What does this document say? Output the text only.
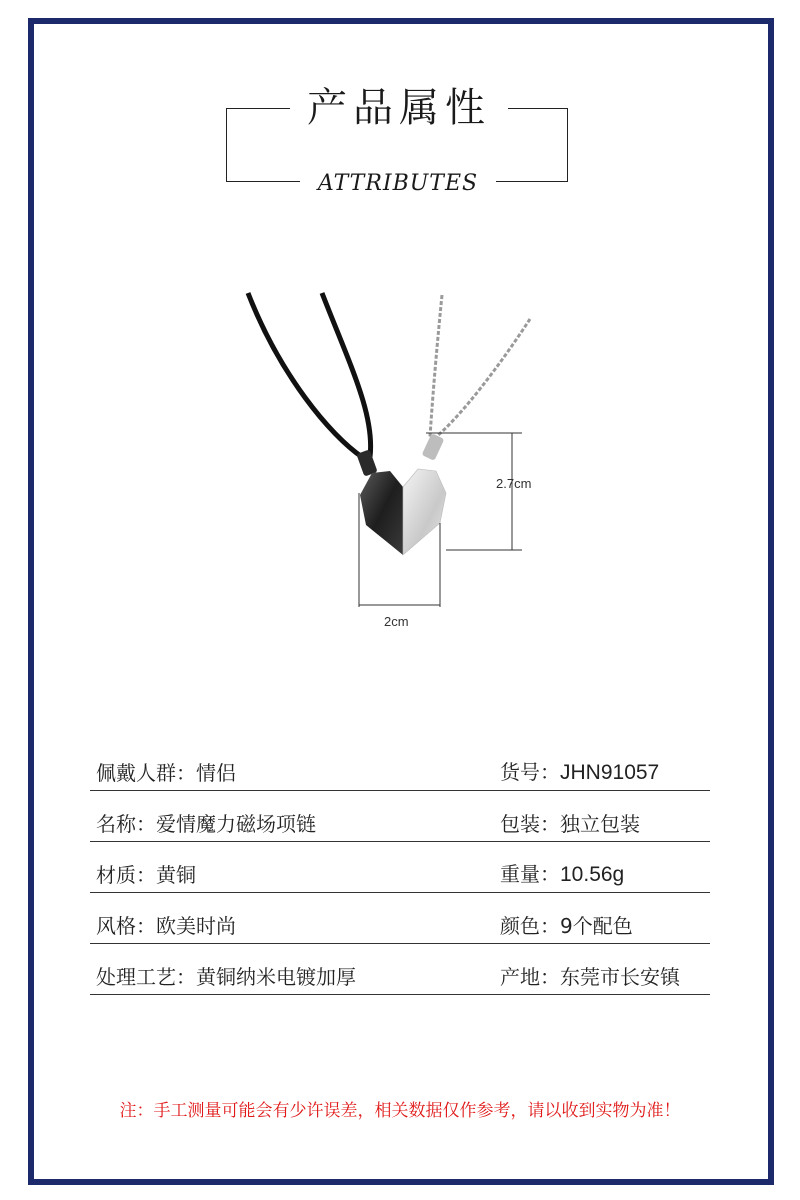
产品属性
ATTRIBUTES
2.7cm
2cm
佩戴人群：情侣	货号：JHN91057
名称：爱情魔力磁场项链	包装：独立包装
材质：黄铜	重量：10.56g
风格：欧美时尚	颜色：9个配色
处理工艺：黄铜纳米电镀加厚	产地：东莞市长安镇
注：手工测量可能会有少许误差，相关数据仅作参考，请以收到实物为准！
